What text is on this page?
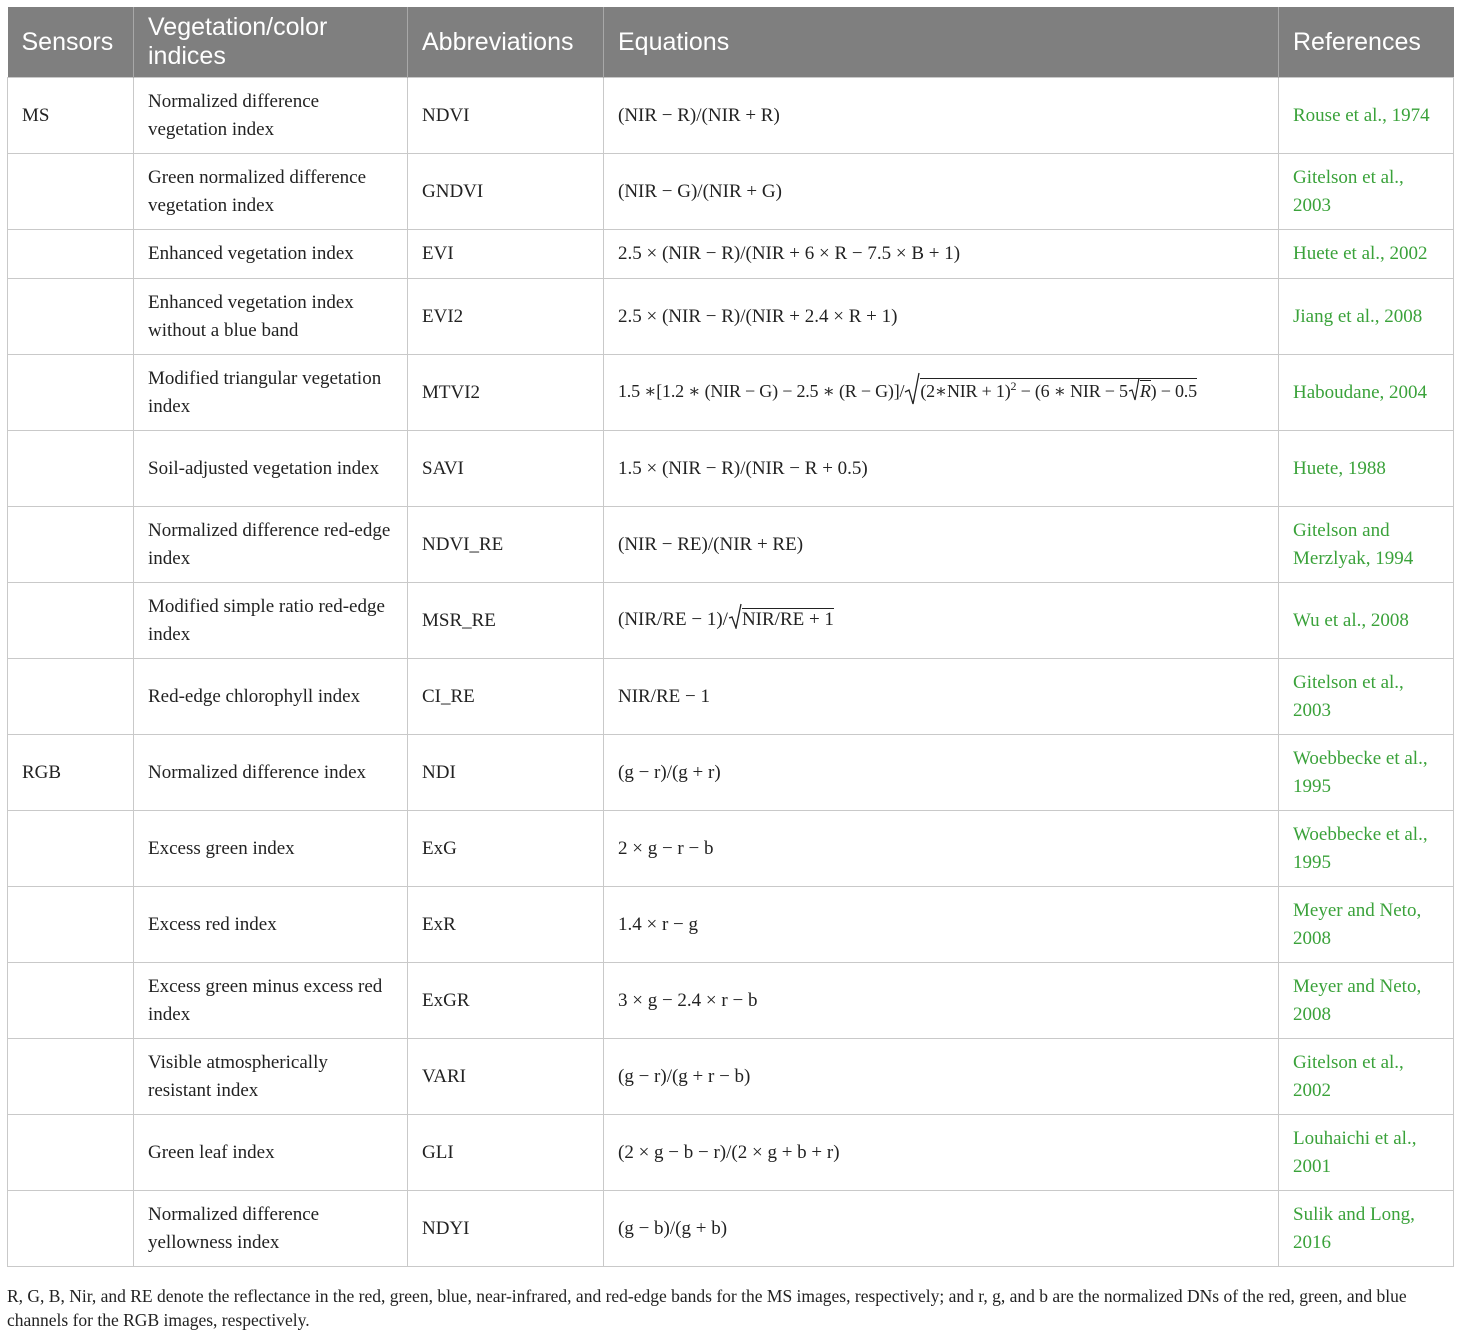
Sensors	Vegetation/color indices	Abbreviations	Equations	References
MS	Normalized difference vegetation index	NDVI	(NIR − R)/(NIR + R)	Rouse et al., 1974
	Green normalized difference vegetation index	GNDVI	(NIR − G)/(NIR + G)	Gitelson et al., 2003
	Enhanced vegetation index	EVI	2.5 × (NIR − R)/(NIR + 6 × R − 7.5 × B + 1)	Huete et al., 2002
	Enhanced vegetation index without a blue band	EVI2	2.5 × (NIR − R)/(NIR + 2.4 × R + 1)	Jiang et al., 2008
	Modified triangular vegetation index	MTVI2	1.5 ∗[1.2 ∗ (NIR − G) − 2.5 ∗ (R − G)]/ (2∗NIR + 1)$^2$ − (6 ∗ NIR − 5 R) − 0.5	Haboudane, 2004
	Soil-adjusted vegetation index	SAVI	1.5 × (NIR − R)/(NIR − R + 0.5)	Huete, 1988
	Normalized difference red-edge index	NDVI_RE	(NIR − RE)/(NIR + RE)	Gitelson and Merzlyak, 1994
	Modified simple ratio red-edge index	MSR_RE	(NIR/RE − 1)/ NIR/RE + 1	Wu et al., 2008
	Red-edge chlorophyll index	CI_RE	NIR/RE − 1	Gitelson et al., 2003
RGB	Normalized difference index	NDI	(g − r)/(g + r)	Woebbecke et al., 1995
	Excess green index	ExG	2 × g − r − b	Woebbecke et al., 1995
	Excess red index	ExR	1.4 × r − g	Meyer and Neto, 2008
	Excess green minus excess red index	ExGR	3 × g − 2.4 × r − b	Meyer and Neto, 2008
	Visible atmospherically resistant index	VARI	(g − r)/(g + r − b)	Gitelson et al., 2002
	Green leaf index	GLI	(2 × g − b − r)/(2 × g + b + r)	Louhaichi et al., 2001
	Normalized difference yellowness index	NDYI	(g − b)/(g + b)	Sulik and Long, 2016
R, G, B, Nir, and RE denote the reflectance in the red, green, blue, near-infrared, and red-edge bands for the MS images, respectively; and r, g, and b are the normalized DNs of the red, green, and blue channels for the RGB images, respectively.
